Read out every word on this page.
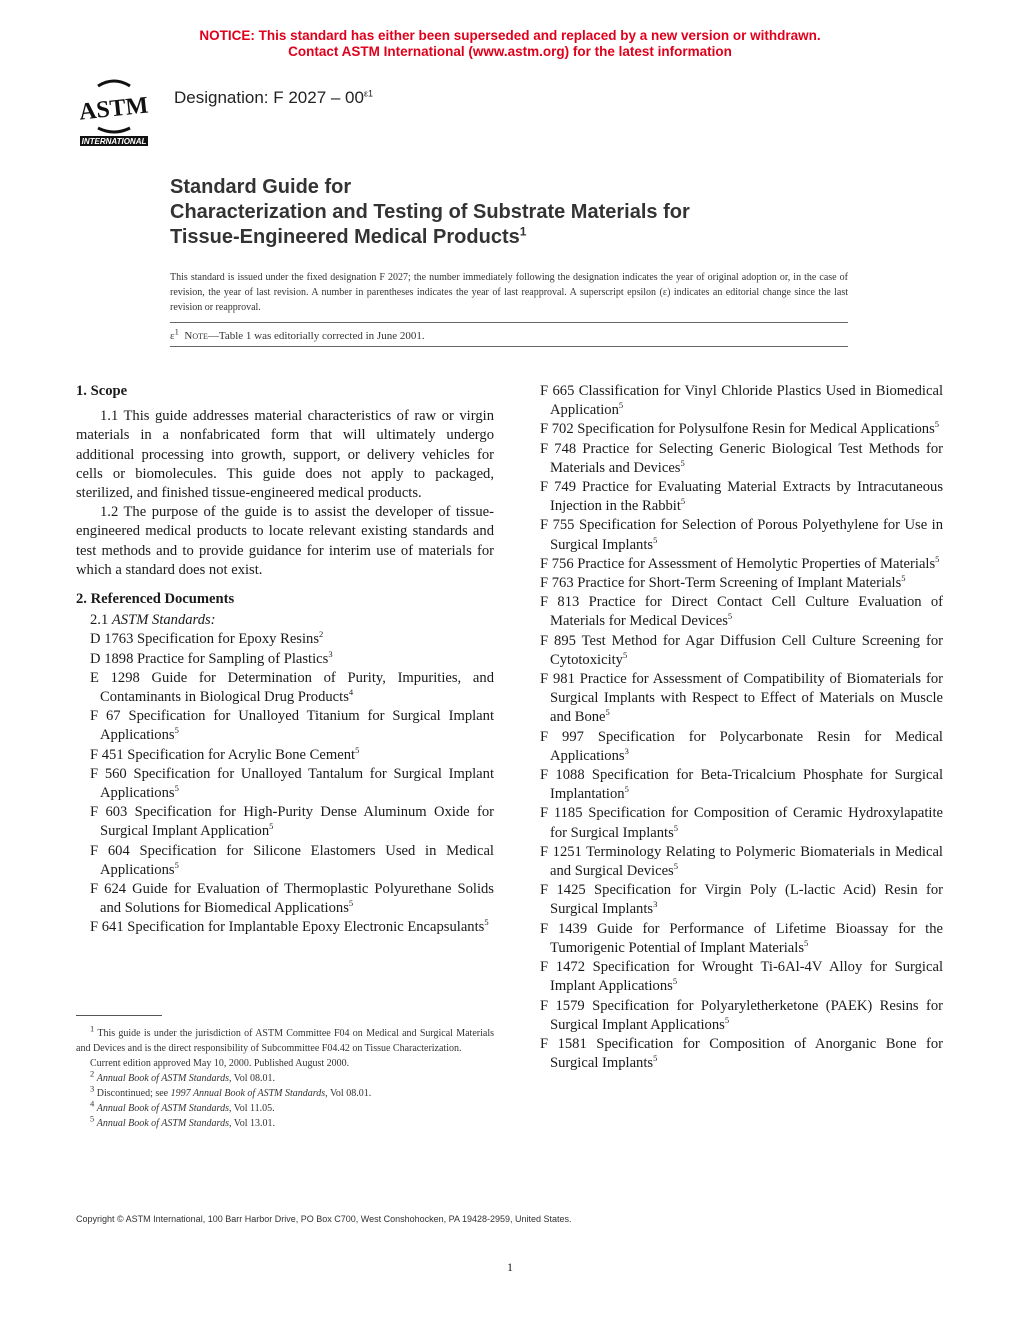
NOTICE: This standard has either been superseded and replaced by a new version or withdrawn.
Contact ASTM International (www.astm.org) for the latest information
ASTM
INTERNATIONAL
Designation: F $2027 - 00^{\varepsilon 1}$
Standard Guide for
Characterization and Testing of Substrate Materials for
Tissue-Engineered Medical Products$^1$
This standard is issued under the fixed designation F 2027; the number immediately following the designation indicates the year of original adoption or, in the case of revision, the year of last revision. A number in parentheses indicates the year of last reapproval. A superscript epsilon (ε) indicates an editorial change since the last revision or reapproval.
$\varepsilon^1$ Note—Table 1 was editorially corrected in June 2001.
1. Scope
1.1 This guide addresses material characteristics of raw or virgin materials in a nonfabricated form that will ultimately undergo additional processing into growth, support, or delivery vehicles for cells or biomolecules. This guide does not apply to packaged, sterilized, and finished tissue-engineered medical products.
1.2 The purpose of the guide is to assist the developer of tissue-engineered medical products to locate relevant existing standards and test methods and to provide guidance for interim use of materials for which a standard does not exist.
2. Referenced Documents
2.1 ASTM Standards:
D 1763 Specification for Epoxy Resins$^2$
D 1898 Practice for Sampling of Plastics$^3$
E 1298 Guide for Determination of Purity, Impurities, and Contaminants in Biological Drug Products$^4$
F 67 Specification for Unalloyed Titanium for Surgical Implant Applications$^5$
F 451 Specification for Acrylic Bone Cement$^5$
F 560 Specification for Unalloyed Tantalum for Surgical Implant Applications$^5$
F 603 Specification for High-Purity Dense Aluminum Oxide for Surgical Implant Application$^5$
F 604 Specification for Silicone Elastomers Used in Medical Applications$^5$
F 624 Guide for Evaluation of Thermoplastic Polyurethane Solids and Solutions for Biomedical Applications$^5$
F 641 Specification for Implantable Epoxy Electronic Encapsulants$^5$
F 665 Classification for Vinyl Chloride Plastics Used in Biomedical Application$^5$
F 702 Specification for Polysulfone Resin for Medical Applications$^5$
F 748 Practice for Selecting Generic Biological Test Methods for Materials and Devices$^5$
F 749 Practice for Evaluating Material Extracts by Intracutaneous Injection in the Rabbit$^5$
F 755 Specification for Selection of Porous Polyethylene for Use in Surgical Implants$^5$
F 756 Practice for Assessment of Hemolytic Properties of Materials$^5$
F 763 Practice for Short-Term Screening of Implant Materials$^5$
F 813 Practice for Direct Contact Cell Culture Evaluation of Materials for Medical Devices$^5$
F 895 Test Method for Agar Diffusion Cell Culture Screening for Cytotoxicity$^5$
F 981 Practice for Assessment of Compatibility of Biomaterials for Surgical Implants with Respect to Effect of Materials on Muscle and Bone$^5$
F 997 Specification for Polycarbonate Resin for Medical Applications$^3$
F 1088 Specification for Beta-Tricalcium Phosphate for Surgical Implantation$^5$
F 1185 Specification for Composition of Ceramic Hydroxylapatite for Surgical Implants$^5$
F 1251 Terminology Relating to Polymeric Biomaterials in Medical and Surgical Devices$^5$
F 1425 Specification for Virgin Poly (L-lactic Acid) Resin for Surgical Implants$^3$
F 1439 Guide for Performance of Lifetime Bioassay for the Tumorigenic Potential of Implant Materials$^5$
F 1472 Specification for Wrought Ti-6Al-4V Alloy for Surgical Implant Applications$^5$
F 1579 Specification for Polyaryletherketone (PAEK) Resins for Surgical Implant Applications$^5$
F 1581 Specification for Composition of Anorganic Bone for Surgical Implants$^5$
$^1$ This guide is under the jurisdiction of ASTM Committee F04 on Medical and Surgical Materials and Devices and is the direct responsibility of Subcommittee F04.42 on Tissue Characterization.
Current edition approved May 10, 2000. Published August 2000.
$^2$ Annual Book of ASTM Standards, Vol 08.01.
$^3$ Discontinued; see 1997 Annual Book of ASTM Standards, Vol 08.01.
$^4$ Annual Book of ASTM Standards, Vol 11.05.
$^5$ Annual Book of ASTM Standards, Vol 13.01.
Copyright © ASTM International, 100 Barr Harbor Drive, PO Box C700, West Conshohocken, PA 19428-2959, United States.
1
